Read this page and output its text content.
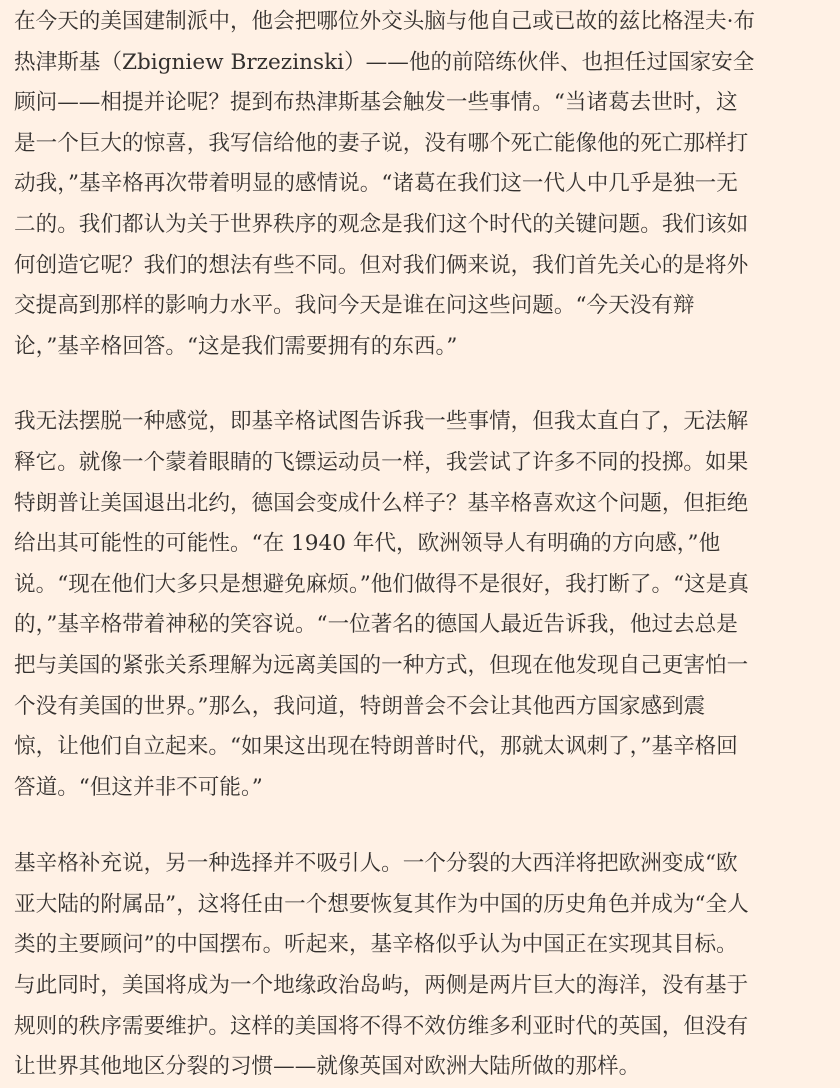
在今天的美国建制派中，他会把哪位外交头脑与他自己或已故的兹比格涅夫·布
热津斯基（Zbigniew Brzezinski）——他的前陪练伙伴、也担任过国家安全
顾问——相提并论呢？提到布热津斯基会触发一些事情。“当诸葛去世时，这
是一个巨大的惊喜，我写信给他的妻子说，没有哪个死亡能像他的死亡那样打
动我，”基辛格再次带着明显的感情说。“诸葛在我们这一代人中几乎是独一无
二的。我们都认为关于世界秩序的观念是我们这个时代的关键问题。我们该如
何创造它呢？我们的想法有些不同。但对我们俩来说，我们首先关心的是将外
交提高到那样的影响力水平。我问今天是谁在问这些问题。“今天没有辩
论，”基辛格回答。“这是我们需要拥有的东西。”
我无法摆脱一种感觉，即基辛格试图告诉我一些事情，但我太直白了，无法解
释它。就像一个蒙着眼睛的飞镖运动员一样，我尝试了许多不同的投掷。如果
特朗普让美国退出北约，德国会变成什么样子？基辛格喜欢这个问题，但拒绝
给出其可能性的可能性。“在 1940 年代，欧洲领导人有明确的方向感，”他
说。“现在他们大多只是想避免麻烦。”他们做得不是很好，我打断了。“这是真
的，”基辛格带着神秘的笑容说。“一位著名的德国人最近告诉我，他过去总是
把与美国的紧张关系理解为远离美国的一种方式，但现在他发现自己更害怕一
个没有美国的世界。”那么，我问道，特朗普会不会让其他西方国家感到震
惊，让他们自立起来。“如果这出现在特朗普时代，那就太讽刺了，”基辛格回
答道。“但这并非不可能。”
基辛格补充说，另一种选择并不吸引人。一个分裂的大西洋将把欧洲变成“欧
亚大陆的附属品”，这将任由一个想要恢复其作为中国的历史角色并成为“全人
类的主要顾问”的中国摆布。听起来，基辛格似乎认为中国正在实现其目标。
与此同时，美国将成为一个地缘政治岛屿，两侧是两片巨大的海洋，没有基于
规则的秩序需要维护。这样的美国将不得不效仿维多利亚时代的英国，但没有
让世界其他地区分裂的习惯——就像英国对欧洲大陆所做的那样。
